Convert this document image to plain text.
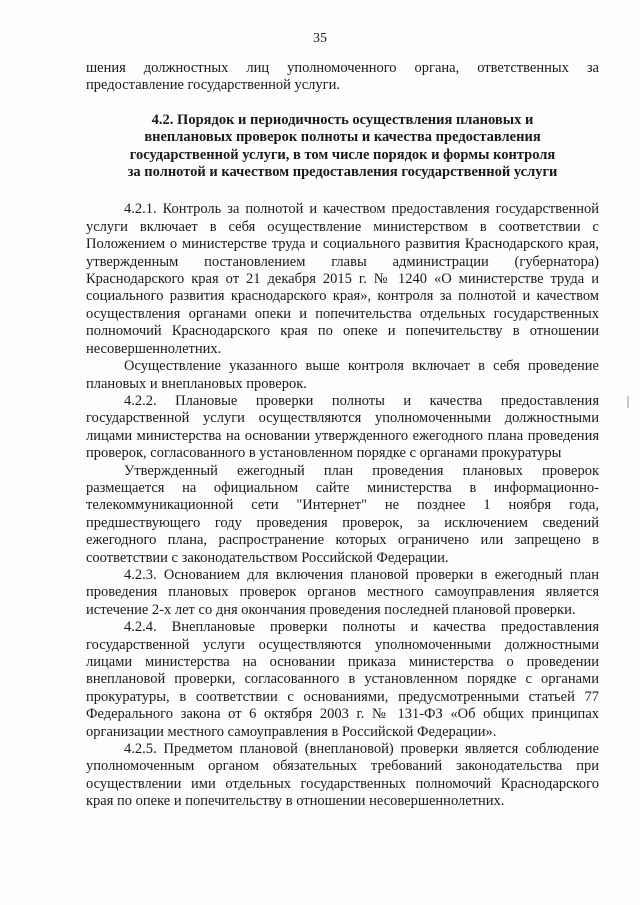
35

шения должностных лиц уполномоченного органа, ответственных за предоставление государственной услуги.

4.2. Порядок и периодичность осуществления плановых и внеплановых проверок полноты и качества предоставления государственной услуги, в том числе порядок и формы контроля за полнотой и качеством предоставления государственной услуги

4.2.1. Контроль за полнотой и качеством предоставления государственной услуги включает в себя осуществление министерством в соответствии с Положением о министерстве труда и социального развития Краснодарского края, утвержденным постановлением главы администрации (губернатора) Краснодарского края от 21 декабря 2015 г. № 1240 «О министерстве труда и социального развития краснодарского края», контроля за полнотой и качеством осуществления органами опеки и попечительства отдельных государственных полномочий Краснодарского края по опеке и попечительству в отношении несовершеннолетних.

Осуществление указанного выше контроля включает в себя проведение плановых и внеплановых проверок.

4.2.2. Плановые проверки полноты и качества предоставления государственной услуги осуществляются уполномоченными должностными лицами министерства на основании утвержденного ежегодного плана проведения проверок, согласованного в установленном порядке с органами прокуратуры

Утвержденный ежегодный план проведения плановых проверок размещается на официальном сайте министерства в информационно-телекоммуникационной сети "Интернет" не позднее 1 ноября года, предшествующего году проведения проверок, за исключением сведений ежегодного плана, распространение которых ограничено или запрещено в соответствии с законодательством Российской Федерации.

4.2.3. Основанием для включения плановой проверки в ежегодный план проведения плановых проверок органов местного самоуправления является истечение 2-х лет со дня окончания проведения последней плановой проверки.

4.2.4. Внеплановые проверки полноты и качества предоставления государственной услуги осуществляются уполномоченными должностными лицами министерства на основании приказа министерства о проведении внеплановой проверки, согласованного в установленном порядке с органами прокуратуры, в соответствии с основаниями, предусмотренными статьей 77 Федерального закона от 6 октября 2003 г. № 131-ФЗ «Об общих принципах организации местного самоуправления в Российской Федерации».

4.2.5. Предметом плановой (внеплановой) проверки является соблюдение уполномоченным органом обязательных требований законодательства при осуществлении ими отдельных государственных полномочий Краснодарского края по опеке и попечительству в отношении несовершеннолетних.
